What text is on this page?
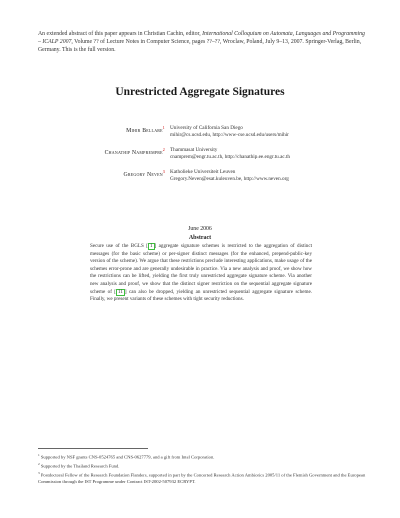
An extended abstract of this paper appears in Christian Cachin, editor, International Colloquium on Automata, Languages and Programming – ICALP 2007, Volume ?? of Lecture Notes in Computer Science, pages ??–??, Wroclaw, Poland, July 9–13, 2007. Springer-Verlag, Berlin, Germany. This is the full version.
Unrestricted Aggregate Signatures
Mihir Bellare$^1$ University of California San Diego
mihir@cs.ucsd.edu, http://www-cse.ucsd.edu/users/mihir
Chanathip Namprempre$^2$ Thammasat University
cnamprem@engr.tu.ac.th, http://chanathip.ee.engr.tu.ac.th
Gregory Neven$^3$ Katholieke Universiteit Leuven
Gregory.Neven@esat.kuleuven.be, http://www.neven.org
June 2006
Abstract
Secure use of the BGLS [ 1 ] aggregate signature schemes is restricted to the aggregation of distinct messages (for the basic scheme) or per-signer distinct messages (for the enhanced, prepend-public-key version of the scheme). We argue that these restrictions preclude interesting applications, make usage of the schemes error-prone and are generally undesirable in practice. Via a new analysis and proof, we show how the restrictions can be lifted, yielding the first truly unrestricted aggregate signature scheme. Via another new analysis and proof, we show that the distinct signer restriction on the sequential aggregate signature scheme of [ 11 ] can also be dropped, yielding an unrestricted sequential aggregate signature scheme. Finally, we present variants of these schemes with tight security reductions.
$^1$ Supported by NSF grants CNS-0524765 and CNS-0627779, and a gift from Intel Corporation.
$^2$ Supported by the Thailand Research Fund.
$^3$ Postdoctoral Fellow of the Research Foundation Flanders, supported in part by the Concerted Research Action Ambiorics 2005/11 of the Flemish Government and the European Commission through the IST Programme under Contract IST-2002-507932 ECRYPT.
